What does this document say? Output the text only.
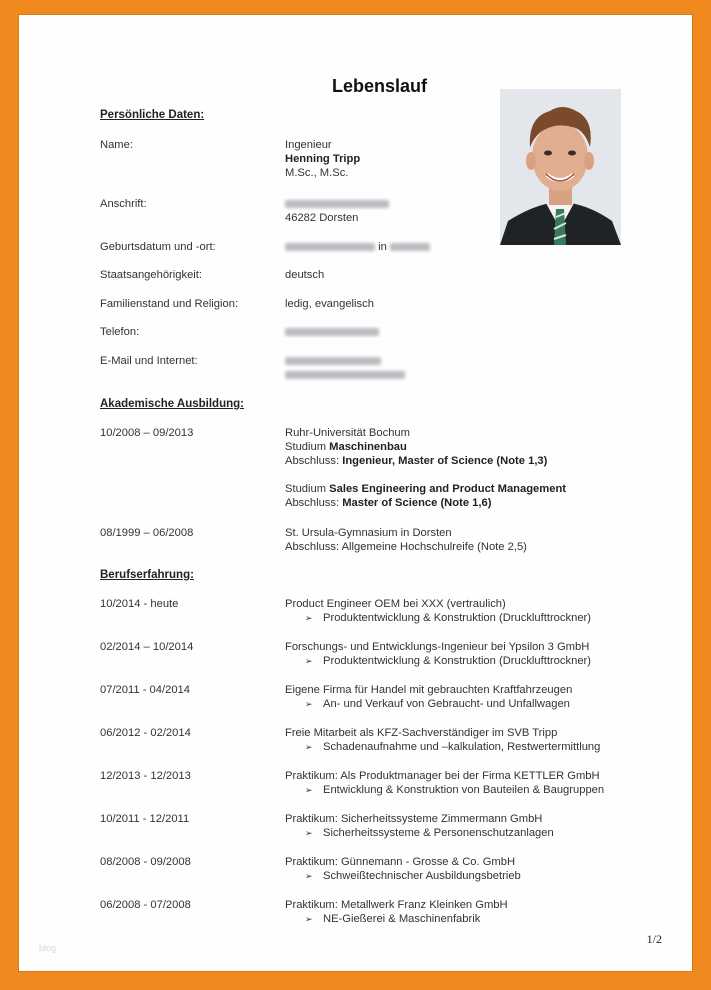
Lebenslauf
Persönliche Daten:
Name:	Ingenieur
Henning Tripp
M.Sc., M.Sc.
Anschrift:
46282 Dorsten
Geburtsdatum und -ort:	in
Staatsangehörigkeit:	deutsch
Familienstand und Religion:	ledig, evangelisch
Telefon:
E-Mail und Internet:
Akademische Ausbildung:
10/2008 – 09/2013	Ruhr-Universität Bochum
Studium Maschinenbau
Abschluss: Ingenieur, Master of Science (Note 1,3)
Studium Sales Engineering and Product Management
Abschluss: Master of Science (Note 1,6)
08/1999 – 06/2008	St. Ursula-Gymnasium in Dorsten
Abschluss: Allgemeine Hochschulreife (Note 2,5)
Berufserfahrung:
10/2014 - heute	Product Engineer OEM bei XXX (vertraulich)
➢ Produktentwicklung & Konstruktion (Drucklufttrockner)
02/2014 – 10/2014	Forschungs- und Entwicklungs-Ingenieur bei Ypsilon 3 GmbH
➢ Produktentwicklung & Konstruktion (Drucklufttrockner)
07/2011 - 04/2014	Eigene Firma für Handel mit gebrauchten Kraftfahrzeugen
➢ An- und Verkauf von Gebraucht- und Unfallwagen
06/2012 - 02/2014	Freie Mitarbeit als KFZ-Sachverständiger im SVB Tripp
➢ Schadenaufnahme und –kalkulation, Restwertermittlung
12/2013 - 12/2013	Praktikum: Als Produktmanager bei der Firma KETTLER GmbH
➢ Entwicklung & Konstruktion von Bauteilen & Baugruppen
10/2011 - 12/2011	Praktikum: Sicherheitssysteme Zimmermann GmbH
➢ Sicherheitssysteme & Personenschutzanlagen
08/2008 - 09/2008	Praktikum: Günnemann - Grosse & Co. GmbH
➢ Schweißtechnischer Ausbildungsbetrieb
06/2008 - 07/2008	Praktikum: Metallwerk Franz Kleinken GmbH
➢ NE-Gießerei & Maschinenfabrik
1/2
blog
